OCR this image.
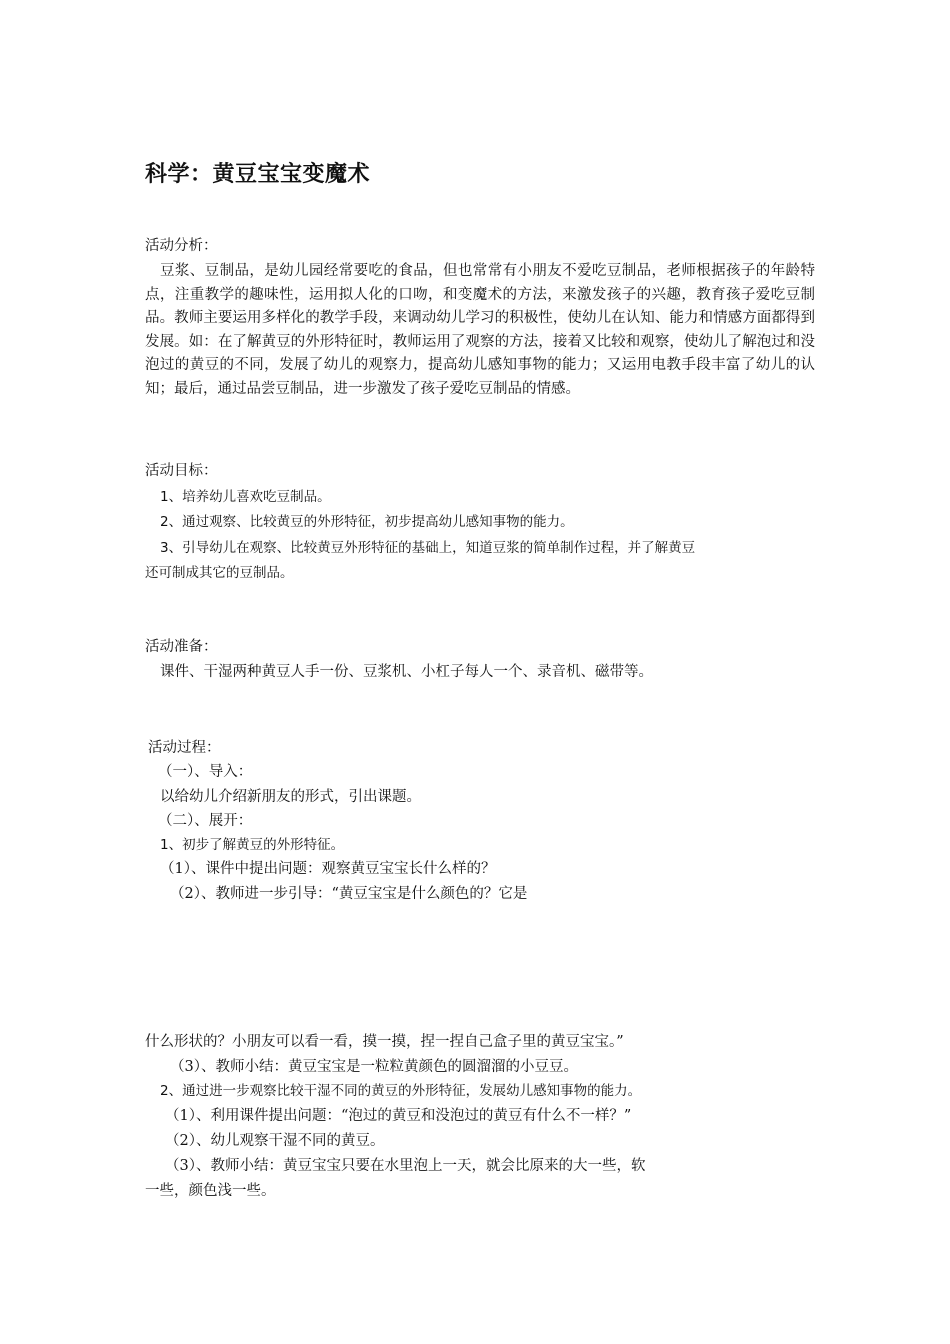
科学：黄豆宝宝变魔术
活动分析：
豆浆、豆制品，是幼儿园经常要吃的食品，但也常常有小朋友不爱吃豆制品，老师根据孩子的年龄特点，注重教学的趣味性，运用拟人化的口吻，和变魔术的方法，来激发孩子的兴趣，教育孩子爱吃豆制品。教师主要运用多样化的教学手段，来调动幼儿学习的积极性，使幼儿在认知、能力和情感方面都得到发展。如：在了解黄豆的外形特征时，教师运用了观察的方法，接着又比较和观察，使幼儿了解泡过和没泡过的黄豆的不同，发展了幼儿的观察力，提高幼儿感知事物的能力；又运用电教手段丰富了幼儿的认知；最后，通过品尝豆制品，进一步激发了孩子爱吃豆制品的情感。
活动目标：
1、培养幼儿喜欢吃豆制品。
2、通过观察、比较黄豆的外形特征，初步提高幼儿感知事物的能力。
3、引导幼儿在观察、比较黄豆外形特征的基础上，知道豆浆的简单制作过程，并了解黄豆
还可制成其它的豆制品。
活动准备：
课件、干湿两种黄豆人手一份、豆浆机、小杠子每人一个、录音机、磁带等。
活动过程：
（一）、导入：
以给幼儿介绍新朋友的形式，引出课题。
（二）、展开：
1、初步了解黄豆的外形特征。
（1）、课件中提出问题：观察黄豆宝宝长什么样的？
（2）、教师进一步引导：“黄豆宝宝是什么颜色的？它是
什么形状的？小朋友可以看一看，摸一摸，捏一捏自己盒子里的黄豆宝宝。”
（3）、教师小结：黄豆宝宝是一粒粒黄颜色的圆溜溜的小豆豆。
2、通过进一步观察比较干湿不同的黄豆的外形特征，发展幼儿感知事物的能力。
（1）、利用课件提出问题：“泡过的黄豆和没泡过的黄豆有什么不一样？”
（2）、幼儿观察干湿不同的黄豆。
（3）、教师小结：黄豆宝宝只要在水里泡上一天，就会比原来的大一些，软
一些，颜色浅一些。
